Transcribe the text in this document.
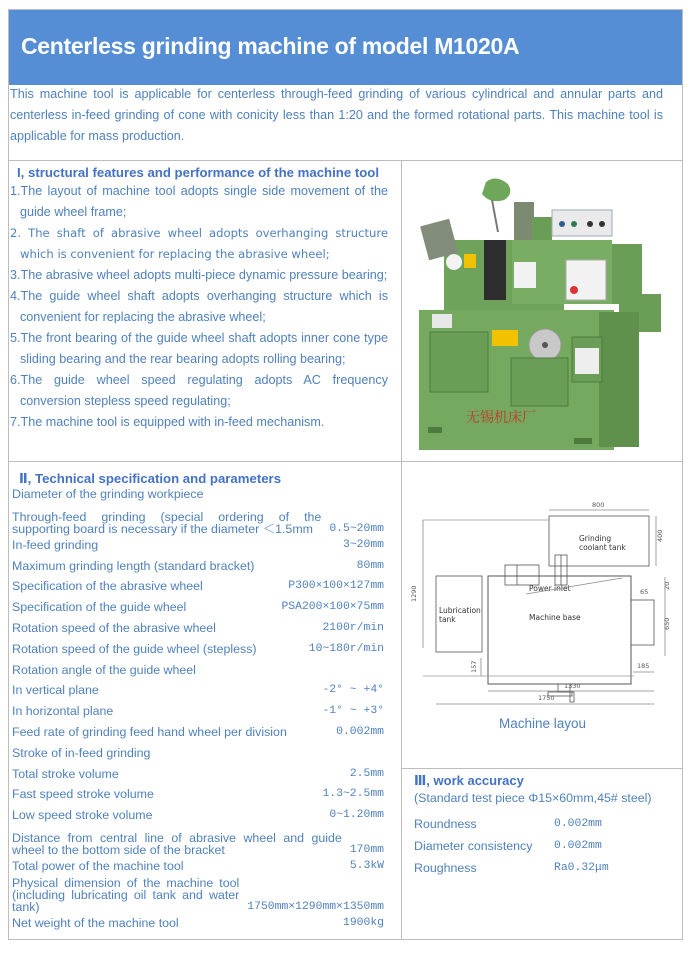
Centerless grinding machine of model M1020A
This machine tool is applicable for centerless through-feed grinding of various cylindrical and annular parts and centerless in-feed grinding of cone with conicity less than 1:20 and the formed rotational parts. This machine tool is applicable for mass production.
I, structural features and performance of the machine tool
1.The layout of machine tool adopts single side movement of the guide wheel frame;
2. The shaft of abrasive wheel adopts overhanging structure which is convenient for replacing the abrasive wheel;
3.The abrasive wheel adopts multi-piece dynamic pressure bearing;
4.The guide wheel shaft adopts overhanging structure which is convenient for replacing the abrasive wheel;
5.The front bearing of the guide wheel shaft adopts inner cone type sliding bearing and the rear bearing adopts rolling bearing;
6.The guide wheel speed regulating adopts AC frequency conversion stepless speed regulating;
7.The machine tool is equipped with in-feed mechanism.	无锡机床厂
Ⅱ, Technical specification and parameters
Diameter of the grinding workpiece
Through-feed grinding (special ordering of the supporting board is necessary if the diameter ＜1.5mm	0.5~20mm
In-feed grinding	3~20mm
Maximum grinding length (standard bracket)	80mm
Specification of the abrasive wheel	P300×100×127mm
Specification of the guide wheel	PSA200×100×75mm
Rotation speed of the abrasive wheel	2100r/min
Rotation speed of the guide wheel (stepless)	10~180r/min
Rotation angle of the guide wheel
In vertical plane	-2° ~ +4°
In horizontal plane	-1° ~ +3°
Feed rate of grinding feed hand wheel per division	0.002mm
Stroke of in-feed grinding
Total stroke volume	2.5mm
Fast speed stroke volume	1.3~2.5mm
Low speed stroke volume	0~1.20mm
Distance from central line of abrasive wheel and guide wheel to the bottom side of the bracket	170mm
Total power of the machine tool	5.3kW
Physical dimension of the machine tool (including lubricating oil tank and water tank)	1750mm×1290mm×1350mm
Net weight of the machine tool	1900kg
Grinding
coolant tank
800
400
1290
Lubrication
tank
Power inlet
Machine base
65
20
650
157	185
1330
1750
Machine layou
Ⅲ, work accuracy
(Standard test piece Φ15×60mm,45# steel)
Roundness	0.002mm
Diameter consistency	0.002mm
Roughness	Ra0.32μm
